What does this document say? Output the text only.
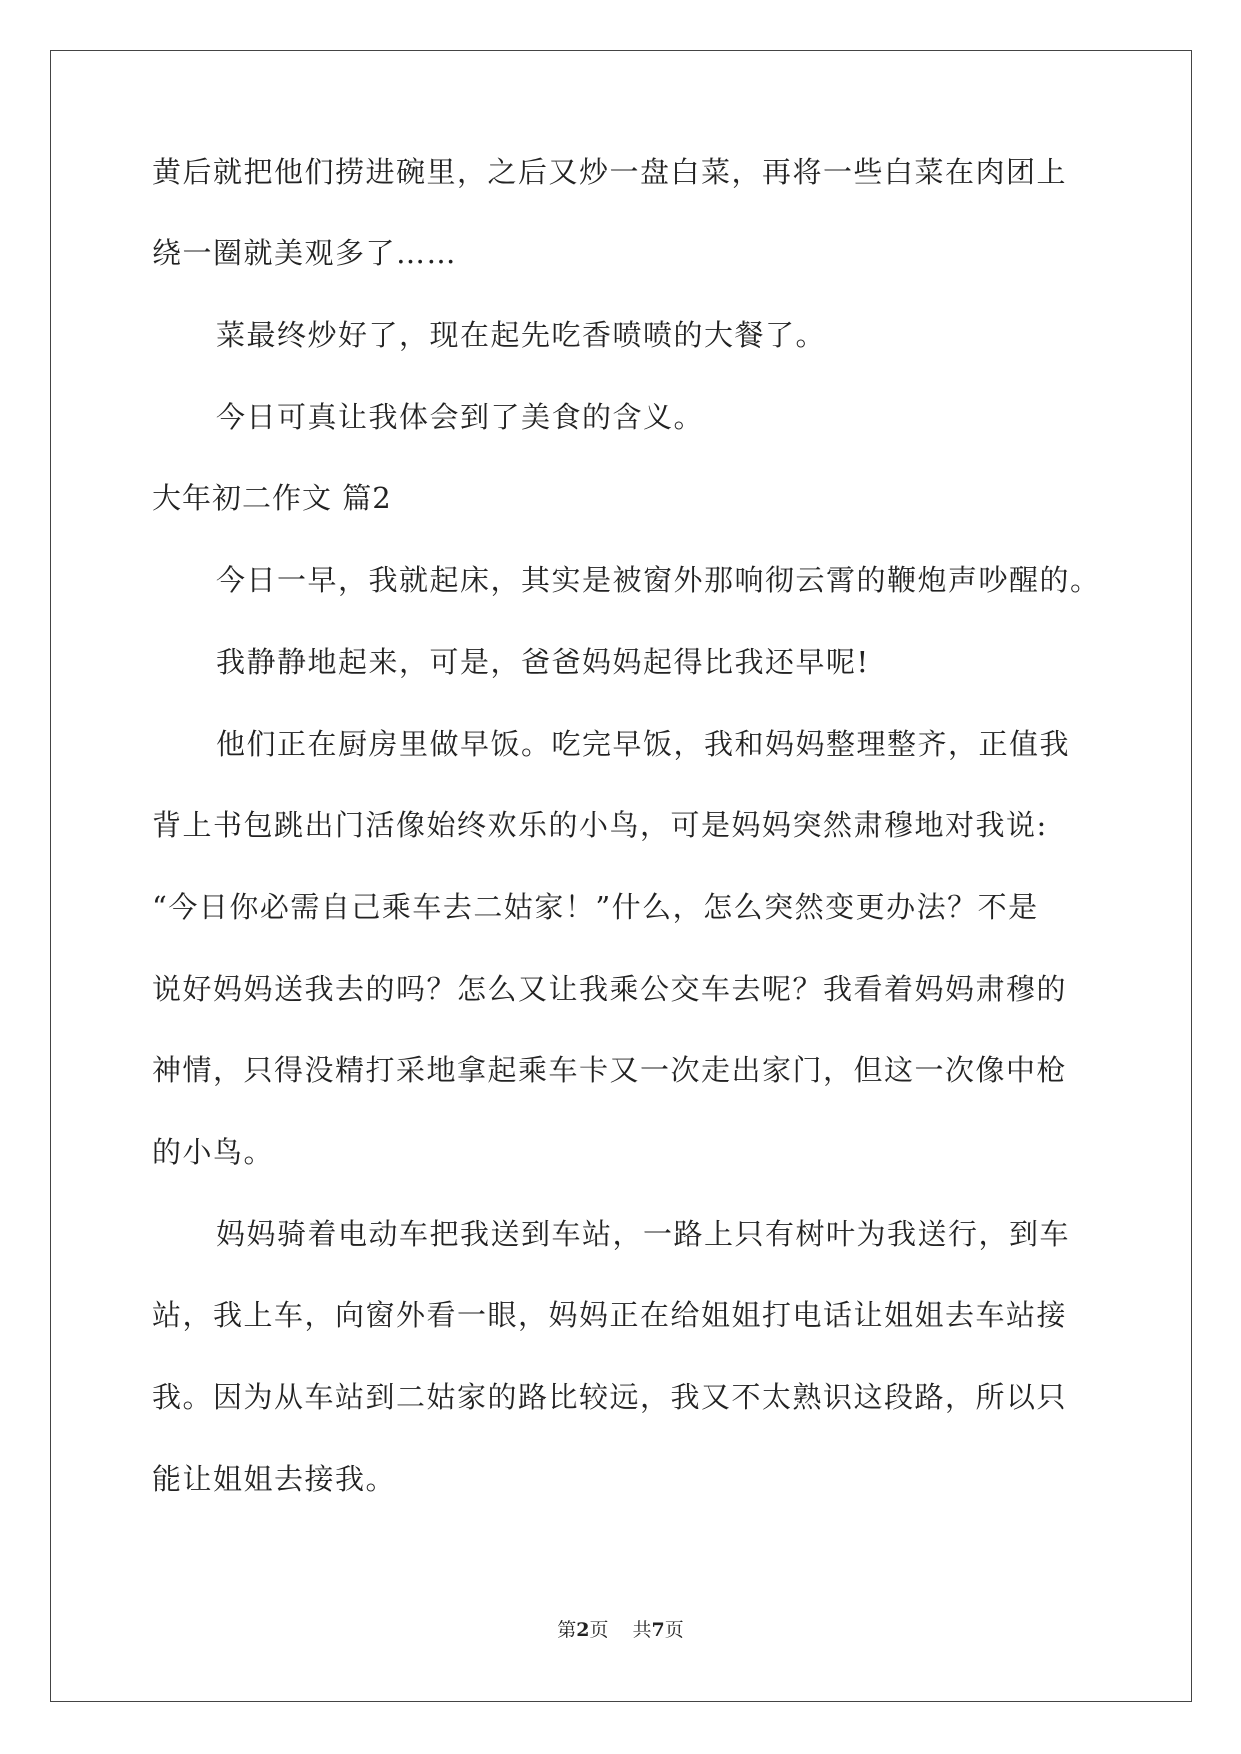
黄后就把他们捞进碗里，之后又炒一盘白菜，再将一些白菜在肉团上
绕一圈就美观多了……
菜最终炒好了，现在起先吃香喷喷的大餐了。
今日可真让我体会到了美食的含义。
大年初二作文 篇2
今日一早，我就起床，其实是被窗外那响彻云霄的鞭炮声吵醒的。
我静静地起来，可是，爸爸妈妈起得比我还早呢!
他们正在厨房里做早饭。吃完早饭，我和妈妈整理整齐，正值我
背上书包跳出门活像始终欢乐的小鸟，可是妈妈突然肃穆地对我说:
“今日你必需自己乘车去二姑家！”什么，怎么突然变更办法？不是
说好妈妈送我去的吗？怎么又让我乘公交车去呢？我看着妈妈肃穆的
神情，只得没精打采地拿起乘车卡又一次走出家门，但这一次像中枪
的小鸟。
妈妈骑着电动车把我送到车站，一路上只有树叶为我送行，到车
站，我上车，向窗外看一眼，妈妈正在给姐姐打电话让姐姐去车站接
我。因为从车站到二姑家的路比较远，我又不太熟识这段路，所以只
能让姐姐去接我。
第2页 共7页
